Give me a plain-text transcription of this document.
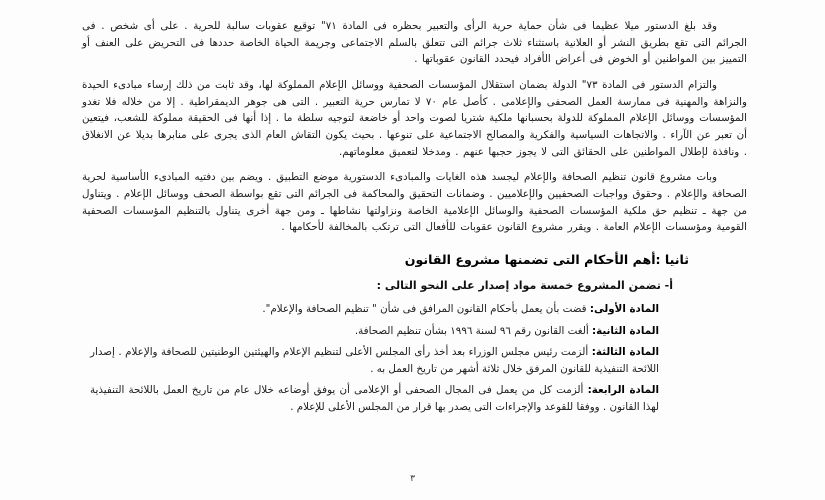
وقد بلغ الدستور ميلا عظيما فى شأن حماية حرية الرأى والتعبير بحظره فى المادة ٧١" توقيع عقوبات سالبة للحرية . على أى شخص . فى الجرائم التى تقع بطريق النشر أو العلانية باستثناء ثلاث جرائم التى تتعلق بالسلم الاجتماعى وجريمة الحياة الخاصة حددها فى التحريض على العنف أو التمييز بين المواطنين أو الخوض فى أعراض الأفراد فيحدد القانون عقوباتها .

والتزام الدستور فى المادة ٧٣" الدولة بضمان استقلال المؤسسات الصحفية ووسائل الإعلام المملوكة لها، وقد ثابت من ذلك إرساء مبادىء الحيدة والنزاهة والمهنية فى ممارسة العمل الصحفى والإعلامى . كأصل عام ٧٠ لا تمارس حرية التعبير . التى هى جوهر الديمقراطية . إلا من خلاله فلا تغدو المؤسسات ووسائل الإعلام المملوكة للدولة بحسبانها ملكية شتريا لصوت واحد أو خاضعة لتوجيه سلطة ما . إذا أنها فى الحقيقة مملوكة للشعب، فيتعين أن تعبر عن الآراء . والاتجاهات السياسية والفكرية والمصالح الاجتماعية على تنوعها . بحيث يكون التقاش العام الذى يجرى على منابرها بديلا عن الانغلاق . ونافذة لإطلال المواطنين على الحقائق التى لا يجوز حجبها عنهم . ومدخلا لتعميق معلوماتهم.

وبات مشروع قانون تنظيم الصحافة والإعلام ليجسد هذه الغايات والمبادىء الدستورية موضع التطبيق . ويضم بين دفتيه المبادىء الأساسية لحرية الصحافة والإعلام . وحقوق وواجبات الصحفيين والإعلاميين . وضمانات التحقيق والمحاكمة فى الجرائم التى تقع بواسطة الصحف ووسائل الإعلام . ويتناول من جهة ـ تنظيم حق ملكية المؤسسات الصحفية والوسائل الإعلامية الخاصة ونزاولتها نشاطها ـ ومن جهة أخرى يتناول بالتنظيم المؤسسات الصحفية القومية ومؤسسات الإعلام العامة . ويقرر مشروع القانون عقوبات للأفعال التى ترتكب بالمخالفة لأحكامها .

ثانيا :أهم الأحكام التى تضمنها مشروع القانون
أ- تضمن المشروع خمسة مواد إصدار على النحو التالى :
المادة الأولى: قضت بأن يعمل بأحكام القانون المرافق فى شأن " تنظيم الصحافة والإعلام".
المادة الثانية: ألغت القانون رقم ٩٦ لسنة ١٩٩٦ بشأن تنظيم الصحافة.
المادة الثالثة: ألزمت رئيس مجلس الوزراء بعد أخذ رأى المجلس الأعلى لتنظيم الإعلام والهيئتين الوطنيتين للصحافة والإعلام . إصدار اللائحة التنفيذية للقانون المرفق خلال ثلاثة أشهر من تاريخ العمل به .
المادة الرابعة: ألزمت كل من يعمل فى المجال الصحفى أو الإعلامى أن يوفق أوضاعه خلال عام من تاريخ العمل باللائحة التنفيذية لهذا القانون . ووفقا للقوعد والإجراءات التى يصدر بها قرار من المجلس الأعلى للإعلام .
٣
